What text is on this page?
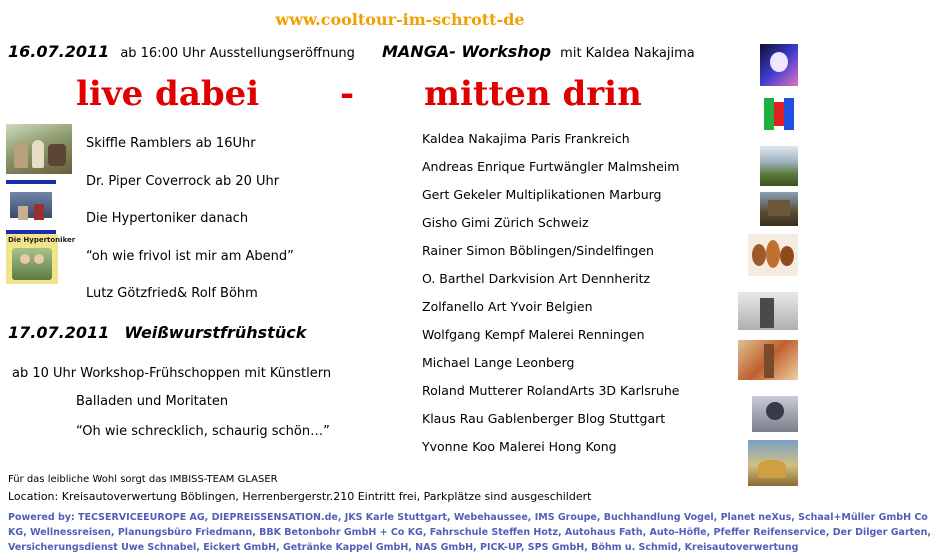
www.cooltour-im-schrott-de
16.07.2011 ab 16:00 Uhr Ausstellungseröffnung MANGA- Workshop mit Kaldea Nakajima
live dabei - mitten drin
Die Hypertoniker
Skiffle Ramblers ab 16Uhr
Dr. Piper Coverrock ab 20 Uhr
Die Hypertoniker danach
“oh wie frivol ist mir am Abend”
Lutz Götzfried& Rolf Böhm
17.07.2011 Weißwurstfrühstück
ab 10 Uhr Workshop-Frühschoppen mit Künstlern
Balladen und Moritaten
“Oh wie schrecklich, schaurig schön…”
Kaldea Nakajima Paris Frankreich
Andreas Enrique Furtwängler Malmsheim
Gert Gekeler Multiplikationen Marburg
Gisho Gimi Zürich Schweiz
Rainer Simon Böblingen/Sindelfingen
O. Barthel Darkvision Art Dennheritz
Zolfanello Art Yvoir Belgien
Wolfgang Kempf Malerei Renningen
Michael Lange Leonberg
Roland Mutterer RolandArts 3D Karlsruhe
Klaus Rau Gablenberger Blog Stuttgart
Yvonne Koo Malerei Hong Kong
Für das leibliche Wohl sorgt das IMBISS-TEAM GLASER
Location: Kreisautoverwertung Böblingen, Herrenbergerstr.210 Eintritt frei, Parkplätze sind ausgeschildert
Powered by: TECSERVICEEUROPE AG, DIEPREISSENSATION.de, JKS Karle Stuttgart, Webehaussee, IMS Groupe, Buchhandlung Vogel, Planet neXus, Schaal+Müller GmbH Co
KG, Wellnessreisen, Planungsbüro Friedmann, BBK Betonbohr GmbH + Co KG, Fahrschule Steffen Hotz, Autohaus Fath, Auto-Höfle, Pfeffer Reifenservice, Der Dilger Garten,
Versicherungsdienst Uwe Schnabel, Eickert GmbH, Getränke Kappel GmbH, NAS GmbH, PICK-UP, SPS GmbH, Böhm u. Schmid, Kreisautoverwertung
